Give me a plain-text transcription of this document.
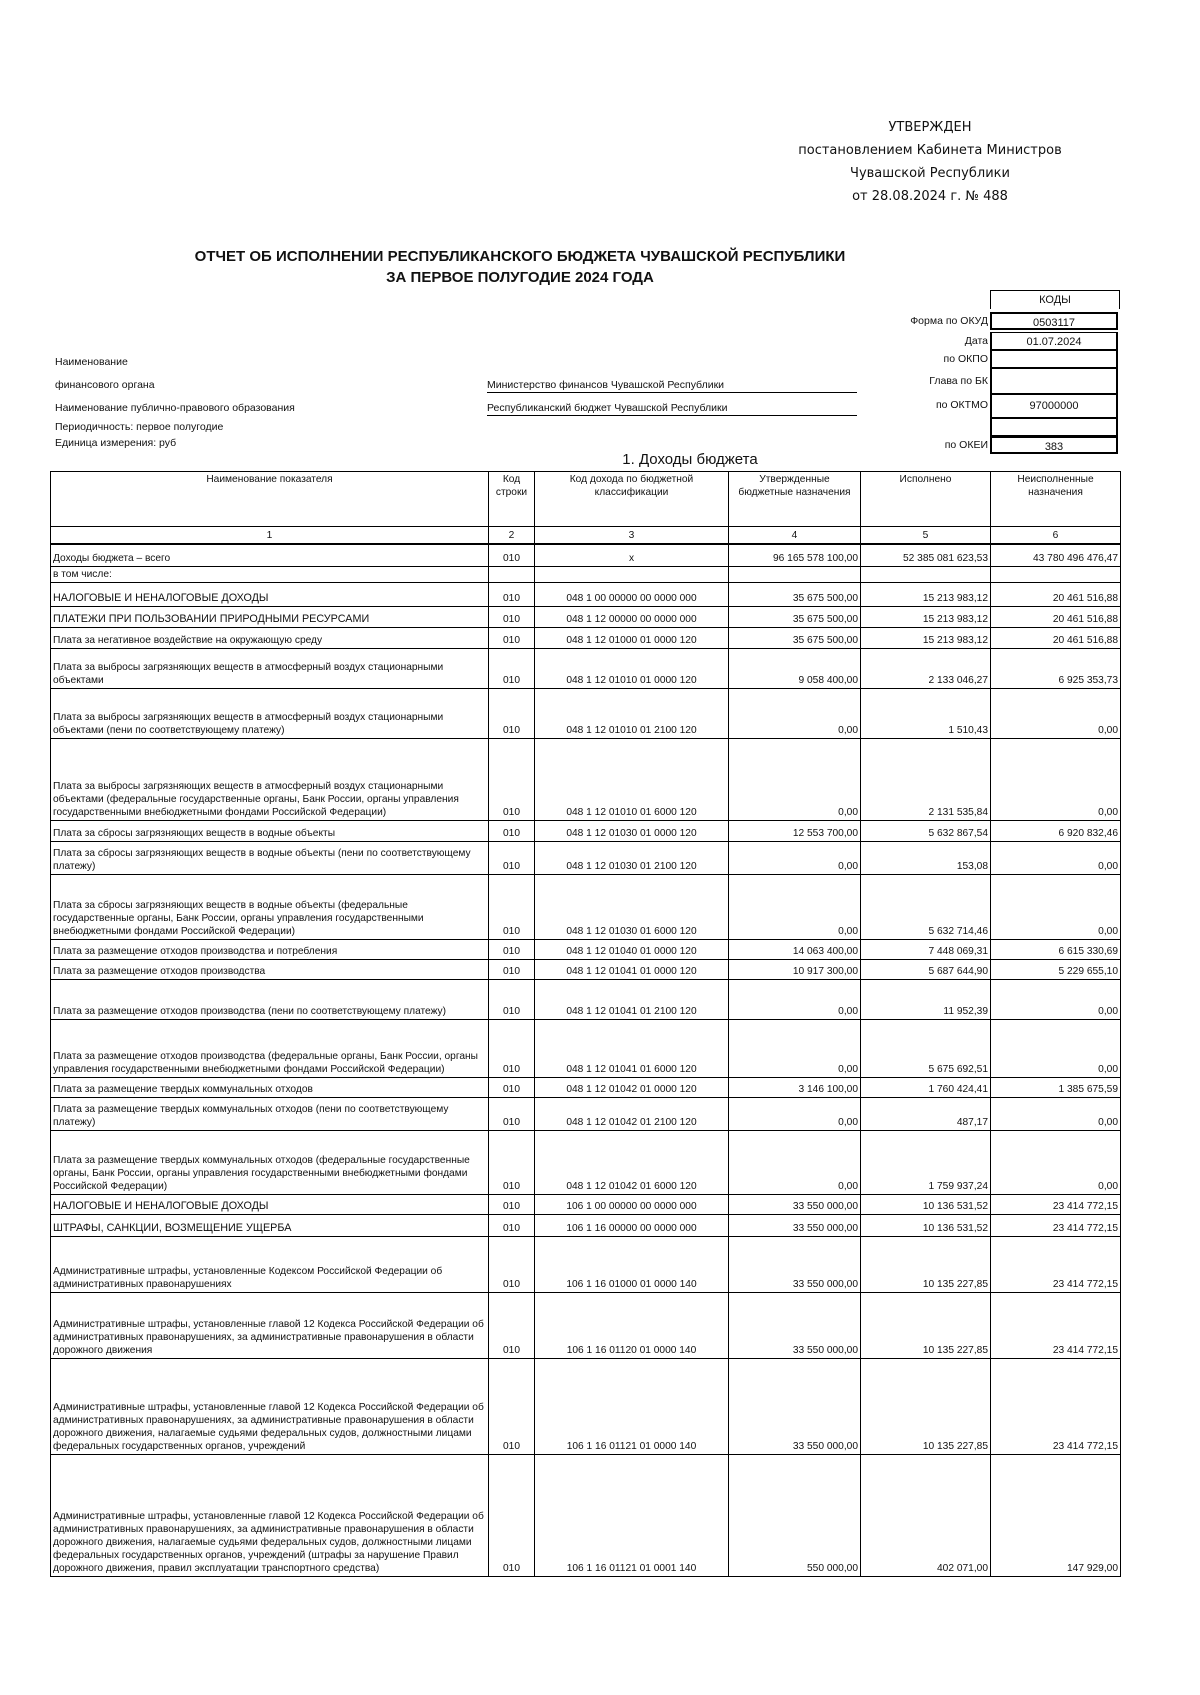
УТВЕРЖДЕН
постановлением Кабинета Министров
Чувашской Республики
от 28.08.2024 г. № 488
ОТЧЕТ ОБ ИСПОЛНЕНИИ РЕСПУБЛИКАНСКОГО БЮДЖЕТА ЧУВАШСКОЙ РЕСПУБЛИКИ
ЗА ПЕРВОЕ ПОЛУГОДИЕ 2024 ГОДА
КОДЫ
Форма по ОКУД	0503117
Дата	01.07.2024
по ОКПО
Глава по БК
по ОКТМО	97000000
по ОКЕИ	383
Наименование
финансового органа	Министерство финансов Чувашской Республики
Наименование публично-правового образования	Республиканский бюджет Чувашской Республики
Периодичность: первое полугодие
Единица измерения: руб
1. Доходы бюджета
Наименование показателя	Код строки	Код дохода по бюджетной классификации	Утвержденные бюджетные назначения	Исполнено	Неисполненные назначения
1	2	3	4	5	6
Доходы бюджета – всего	010	x	96 165 578 100,00	52 385 081 623,53	43 780 496 476,47
в том числе:					
НАЛОГОВЫЕ И НЕНАЛОГОВЫЕ ДОХОДЫ	010	048 1 00 00000 00 0000 000	35 675 500,00	15 213 983,12	20 461 516,88
ПЛАТЕЖИ ПРИ ПОЛЬЗОВАНИИ ПРИРОДНЫМИ РЕСУРСАМИ	010	048 1 12 00000 00 0000 000	35 675 500,00	15 213 983,12	20 461 516,88
Плата за негативное воздействие на окружающую среду	010	048 1 12 01000 01 0000 120	35 675 500,00	15 213 983,12	20 461 516,88
Плата за выбросы загрязняющих веществ в атмосферный воздух стационарными объектами	010	048 1 12 01010 01 0000 120	9 058 400,00	2 133 046,27	6 925 353,73
Плата за выбросы загрязняющих веществ в атмосферный воздух стационарными объектами (пени по соответствующему платежу)	010	048 1 12 01010 01 2100 120	0,00	1 510,43	0,00
Плата за выбросы загрязняющих веществ в атмосферный воздух стационарными объектами (федеральные государственные органы, Банк России, органы управления государственными внебюджетными фондами Российской Федерации)	010	048 1 12 01010 01 6000 120	0,00	2 131 535,84	0,00
Плата за сбросы загрязняющих веществ в водные объекты	010	048 1 12 01030 01 0000 120	12 553 700,00	5 632 867,54	6 920 832,46
Плата за сбросы загрязняющих веществ в водные объекты (пени по соответствующему платежу)	010	048 1 12 01030 01 2100 120	0,00	153,08	0,00
Плата за сбросы загрязняющих веществ в водные объекты (федеральные государственные органы, Банк России, органы управления государственными внебюджетными фондами Российской Федерации)	010	048 1 12 01030 01 6000 120	0,00	5 632 714,46	0,00
Плата за размещение отходов производства и потребления	010	048 1 12 01040 01 0000 120	14 063 400,00	7 448 069,31	6 615 330,69
Плата за размещение отходов производства	010	048 1 12 01041 01 0000 120	10 917 300,00	5 687 644,90	5 229 655,10
Плата за размещение отходов производства (пени по соответствующему платежу)	010	048 1 12 01041 01 2100 120	0,00	11 952,39	0,00
Плата за размещение отходов производства (федеральные органы, Банк России, органы управления государственными внебюджетными фондами Российской Федерации)	010	048 1 12 01041 01 6000 120	0,00	5 675 692,51	0,00
Плата за размещение твердых коммунальных отходов	010	048 1 12 01042 01 0000 120	3 146 100,00	1 760 424,41	1 385 675,59
Плата за размещение твердых коммунальных отходов (пени по соответствующему платежу)	010	048 1 12 01042 01 2100 120	0,00	487,17	0,00
Плата за размещение твердых коммунальных отходов (федеральные государственные органы, Банк России, органы управления государственными внебюджетными фондами Российской Федерации)	010	048 1 12 01042 01 6000 120	0,00	1 759 937,24	0,00
НАЛОГОВЫЕ И НЕНАЛОГОВЫЕ ДОХОДЫ	010	106 1 00 00000 00 0000 000	33 550 000,00	10 136 531,52	23 414 772,15
ШТРАФЫ, САНКЦИИ, ВОЗМЕЩЕНИЕ УЩЕРБА	010	106 1 16 00000 00 0000 000	33 550 000,00	10 136 531,52	23 414 772,15
Административные штрафы, установленные Кодексом Российской Федерации об административных правонарушениях	010	106 1 16 01000 01 0000 140	33 550 000,00	10 135 227,85	23 414 772,15
Административные штрафы, установленные главой 12 Кодекса Российской Федерации об административных правонарушениях, за административные правонарушения в области дорожного движения	010	106 1 16 01120 01 0000 140	33 550 000,00	10 135 227,85	23 414 772,15
Административные штрафы, установленные главой 12 Кодекса Российской Федерации об административных правонарушениях, за административные правонарушения в области дорожного движения, налагаемые судьями федеральных судов, должностными лицами федеральных государственных органов, учреждений	010	106 1 16 01121 01 0000 140	33 550 000,00	10 135 227,85	23 414 772,15
Административные штрафы, установленные главой 12 Кодекса Российской Федерации об административных правонарушениях, за административные правонарушения в области дорожного движения, налагаемые судьями федеральных судов, должностными лицами федеральных государственных органов, учреждений (штрафы за нарушение Правил дорожного движения, правил эксплуатации транспортного средства)	010	106 1 16 01121 01 0001 140	550 000,00	402 071,00	147 929,00
